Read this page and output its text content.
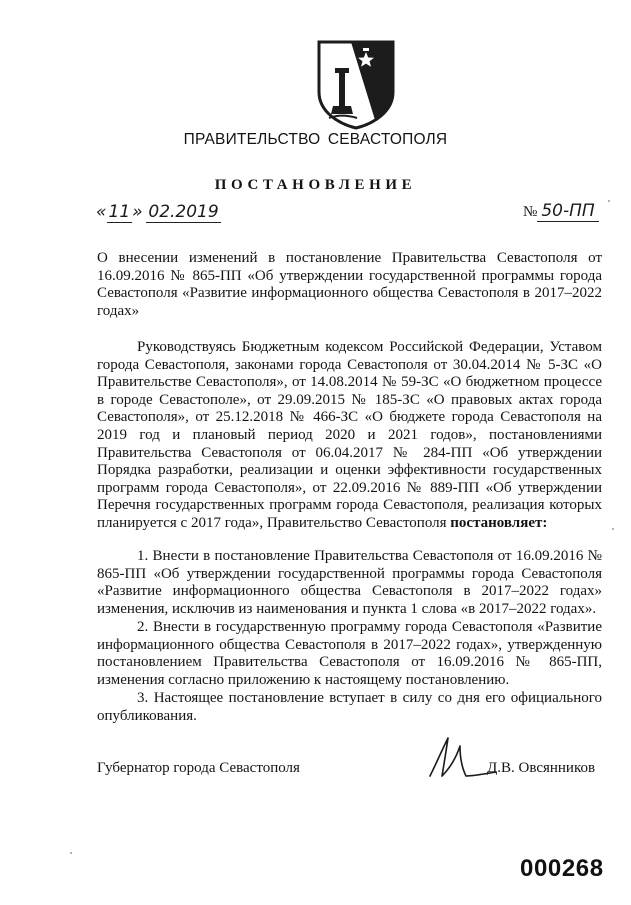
ПРАВИТЕЛЬСТВО СЕВАСТОПОЛЯ
ПОСТАНОВЛЕНИЕ
« 11 » 02.2019	№ 50-ПП

О внесении изменений в постановление Правительства Севастополя от 16.09.2016 № 865-ПП «Об утверждении государственной программы города Севастополя «Развитие информационного общества Севастополя в 2017–2022 годах»

Руководствуясь Бюджетным кодексом Российской Федерации, Уставом города Севастополя, законами города Севастополя от 30.04.2014 № 5-ЗС «О Правительстве Севастополя», от 14.08.2014 № 59-ЗС «О бюджетном процессе в городе Севастополе», от 29.09.2015 № 185-ЗС «О правовых актах города Севастополя», от 25.12.2018 № 466-ЗС «О бюджете города Севастополя на 2019 год и плановый период 2020 и 2021 годов», постановлениями Правительства Севастополя от 06.04.2017 № 284-ПП «Об утверждении Порядка разработки, реализации и оценки эффективности государственных программ города Севастополя», от 22.09.2016 № 889-ПП «Об утверждении Перечня государственных программ города Севастополя, реализация которых планируется с 2017 года», Правительство Севастополя постановляет:

1. Внести в постановление Правительства Севастополя от 16.09.2016 № 865-ПП «Об утверждении государственной программы города Севастополя «Развитие информационного общества Севастополя в 2017–2022 годах» изменения, исключив из наименования и пункта 1 слова «в 2017–2022 годах».

2. Внести в государственную программу города Севастополя «Развитие информационного общества Севастополя в 2017–2022 годах», утвержденную постановлением Правительства Севастополя от 16.09.2016 № 865-ПП, изменения согласно приложению к настоящему постановлению.

3. Настоящее постановление вступает в силу со дня его официального опубликования.

Губернатор города Севастополя	Д.В. Овсянников
000268
